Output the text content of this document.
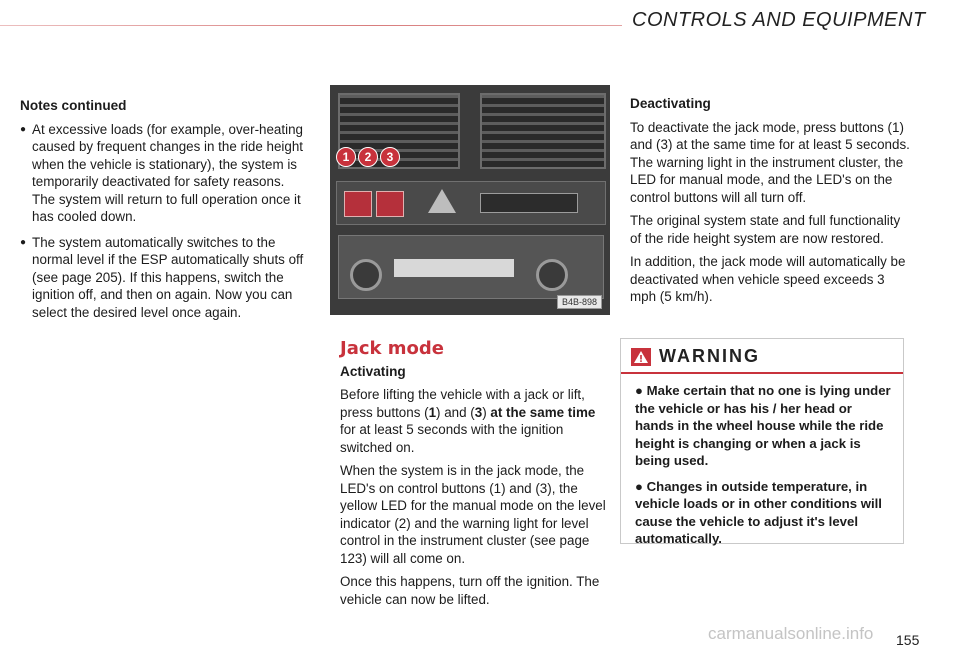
CONTROLS AND EQUIPMENT
Notes continued
● At excessive loads (for example, over-heating caused by frequent changes in the ride height when the vehicle is stationary), the system is temporarily deactivated for safety reasons. The system will return to full operation once it has cooled down.
● The system automatically switches to the normal level if the ESP automatically shuts off (see page 205). If this happens, switch the ignition off, and then on again. Now you can select the desired level once again.
1	2	3
B4B-898
Jack mode
Activating

Before lifting the vehicle with a jack or lift, press buttons (1) and (3) at the same time for at least 5 seconds with the ignition switched on.

When the system is in the jack mode, the LED's on control buttons (1) and (3), the yellow LED for the manual mode on the level indicator (2) and the warning light for level control in the instrument cluster (see page 123) will all come on.

Once this happens, turn off the ignition. The vehicle can now be lifted.

Deactivating

To deactivate the jack mode, press buttons (1) and (3) at the same time for at least 5 seconds. The warning light in the instrument cluster, the LED for manual mode, and the LED's on the control buttons will all turn off.

The original system state and full functionality of the ride height system are now restored.

In addition, the jack mode will automatically be deactivated when vehicle speed exceeds 3 mph (5 km/h).

WARNING

● Make certain that no one is lying under the vehicle or has his / her head or hands in the wheel house while the ride height is changing or when a jack is being used.

● Changes in outside temperature, in vehicle loads or in other conditions will cause the vehicle to adjust it's level automatically.

carmanualsonline.info 155
